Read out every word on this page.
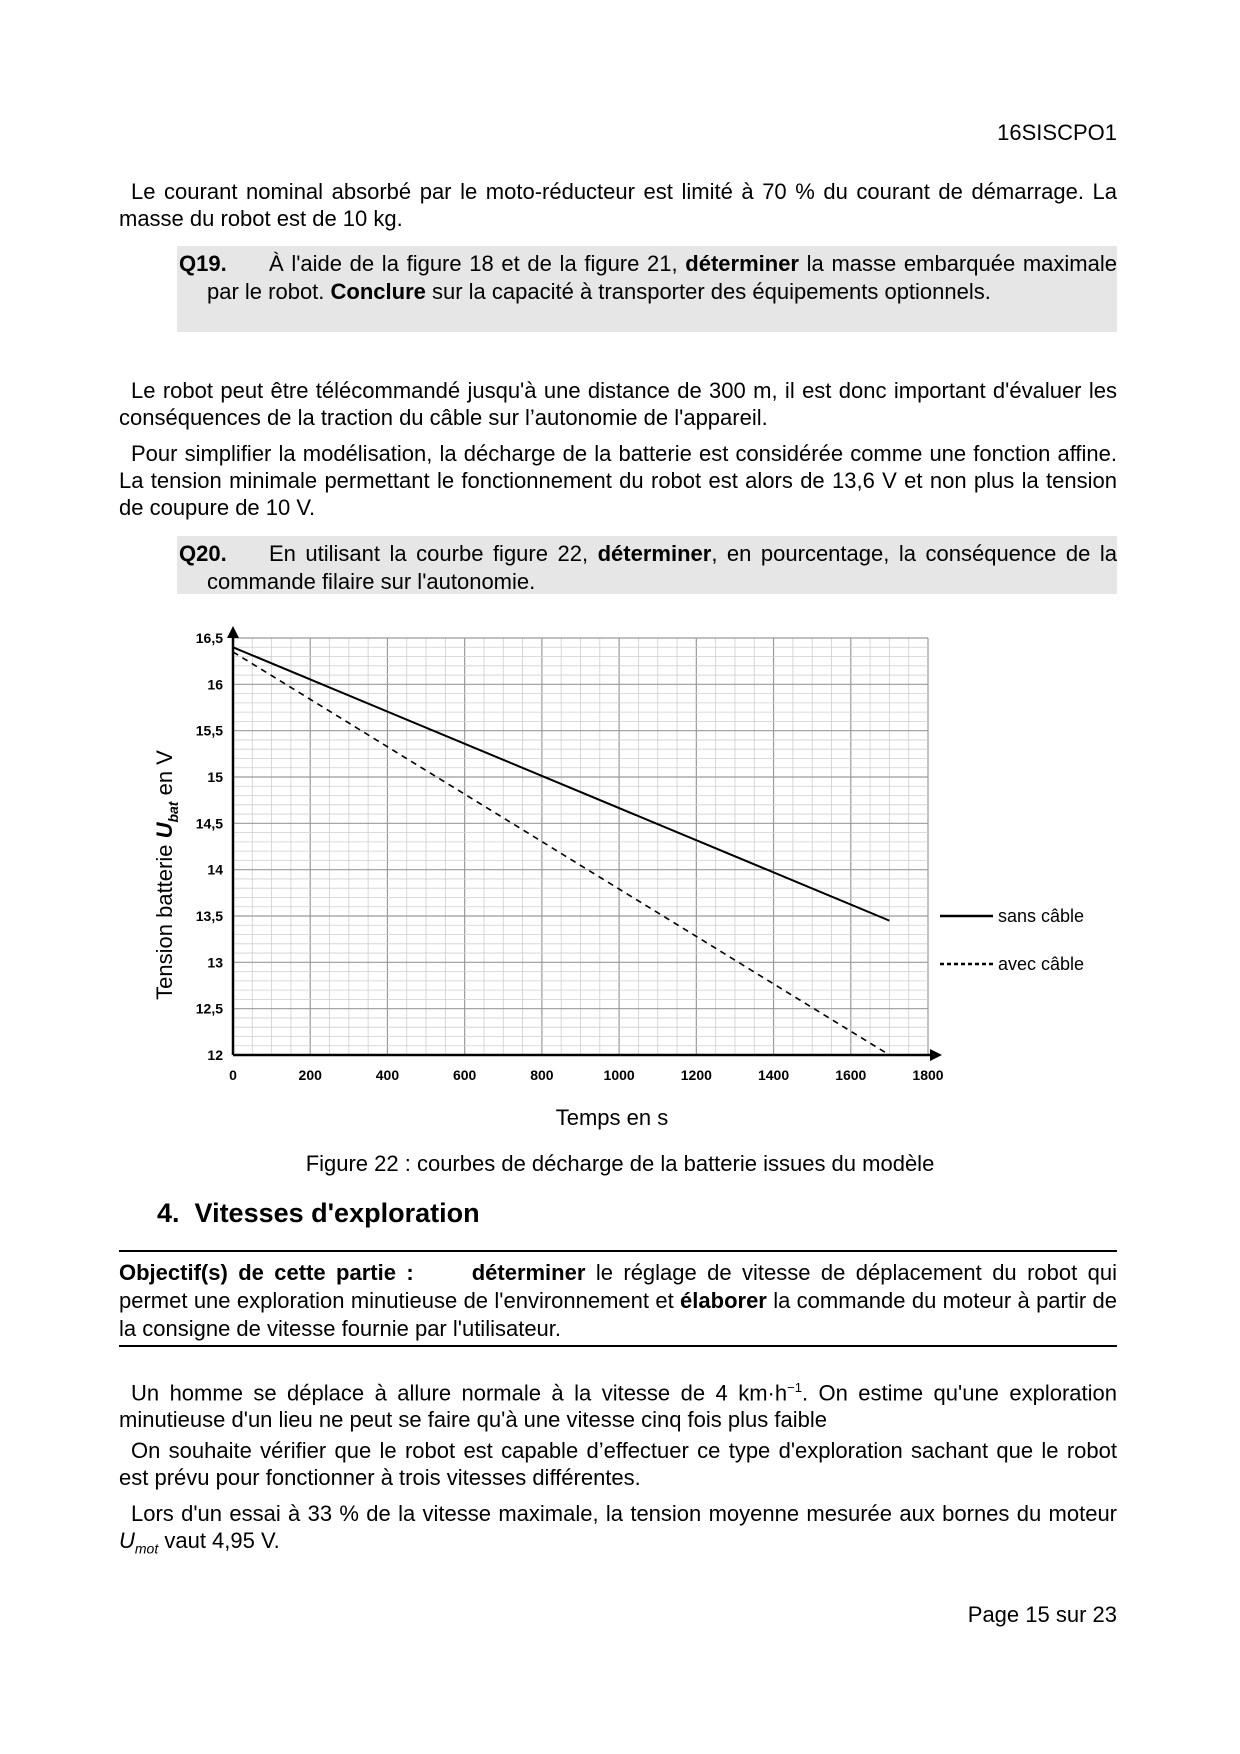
16SISCPO1

Le courant nominal absorbé par le moto-réducteur est limité à 70 % du courant de démarrage. La masse du robot est de 10 kg.

Q19. À l'aide de la figure 18 et de la figure 21, déterminer la masse embarquée maximale par le robot. Conclure sur la capacité à transporter des équipements optionnels.

Le robot peut être télécommandé jusqu'à une distance de 300 m, il est donc important d'évaluer les conséquences de la traction du câble sur l’autonomie de l'appareil.

Pour simplifier la modélisation, la décharge de la batterie est considérée comme une fonction affine. La tension minimale permettant le fonctionnement du robot est alors de 13,6 V et non plus la tension de coupure de 10 V.

Q20. En utilisant la courbe figure 22, déterminer, en pourcentage, la conséquence de la commande filaire sur l'autonomie.
0	200	400	600	800	1000	1200	1400	1600	1800
12
12,5
13
13,5
14
14,5
15
15,5
16
16,5
sans câble
avec câble
Temps en s
Tension batterie $U_{bat}$ en V
Figure 22 : courbes de décharge de la batterie issues du modèle
4. Vitesses d'exploration
Objectif(s) de cette partie :	déterminer le réglage de vitesse de déplacement du robot qui permet une exploration minutieuse de l'environnement et élaborer la commande du moteur à partir de la consigne de vitesse fournie par l'utilisateur.

Un homme se déplace à allure normale à la vitesse de 4 $km\cdot h^{-1}$. On estime qu'une exploration minutieuse d'un lieu ne peut se faire qu'à une vitesse cinq fois plus faible

On souhaite vérifier que le robot est capable d’effectuer ce type d'exploration sachant que le robot est prévu pour fonctionner à trois vitesses différentes.

Lors d'un essai à 33 % de la vitesse maximale, la tension moyenne mesurée aux bornes du moteur $U_{mot}$ vaut 4,95 V.

Page 15 sur 23
